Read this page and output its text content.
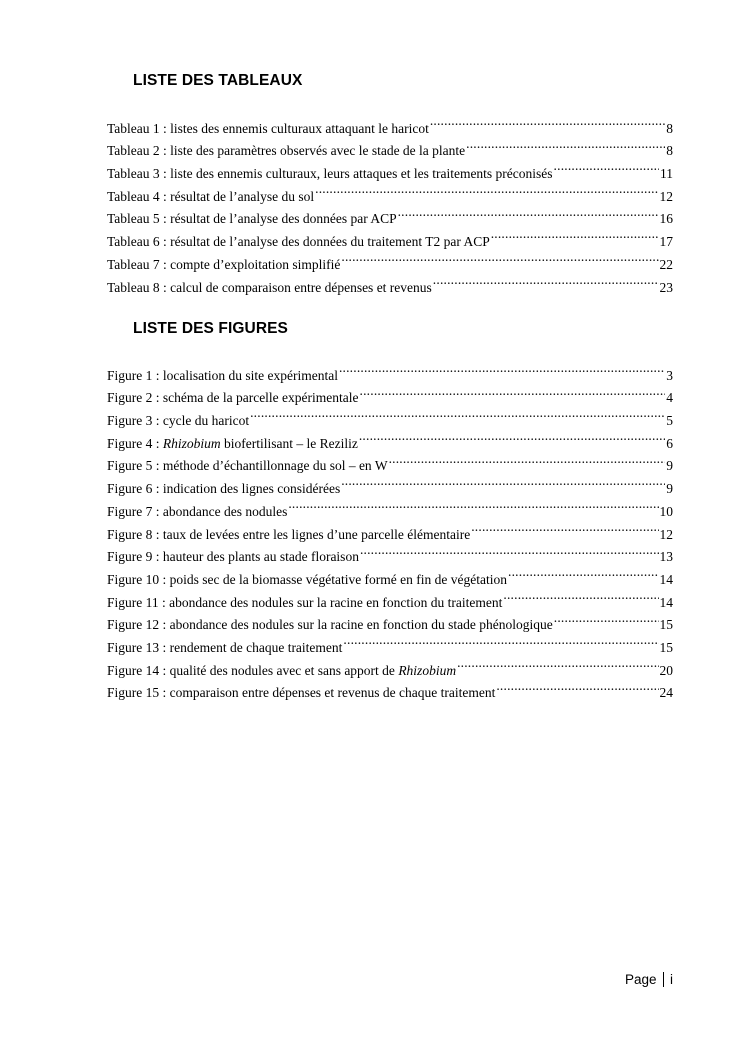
LISTE DES TABLEAUX
Tableau 1 : listes des ennemis culturaux attaquant le haricot .....	8
Tableau 2 : liste des paramètres observés avec le stade de la plante .....	8
Tableau 3 : liste des ennemis culturaux, leurs attaques et les traitements préconisés .....	11
Tableau 4 : résultat de l’analyse du sol .....	12
Tableau 5 : résultat de l’analyse des données par ACP .....	16
Tableau 6 : résultat de l’analyse des données du traitement T2 par ACP .....	17
Tableau 7 : compte d’exploitation simplifié .....	22
Tableau 8 : calcul de comparaison entre dépenses et revenus .....	23
LISTE DES FIGURES
Figure 1 : localisation du site expérimental .....	3
Figure 2 : schéma de la parcelle expérimentale .....	4
Figure 3 : cycle du haricot .....	5
Figure 4 : Rhizobium biofertilisant – le Reziliz .....	6
Figure 5 : méthode d’échantillonnage du sol – en W .....	9
Figure 6 : indication des lignes considérées .....	9
Figure 7 : abondance des nodules .....	10
Figure 8 : taux de levées entre les lignes d’une parcelle élémentaire .....	12
Figure 9 : hauteur des plants au stade floraison .....	13
Figure 10 : poids sec de la biomasse végétative formé en fin de végétation .....	14
Figure 11 : abondance des nodules sur la racine en fonction du traitement .....	14
Figure 12 : abondance des nodules sur la racine en fonction du stade phénologique .....	15
Figure 13 : rendement de chaque traitement .....	15
Figure 14 : qualité des nodules avec et sans apport de Rhizobium .....	20
Figure 15 : comparaison entre dépenses et revenus de chaque traitement .....	24
Page i
